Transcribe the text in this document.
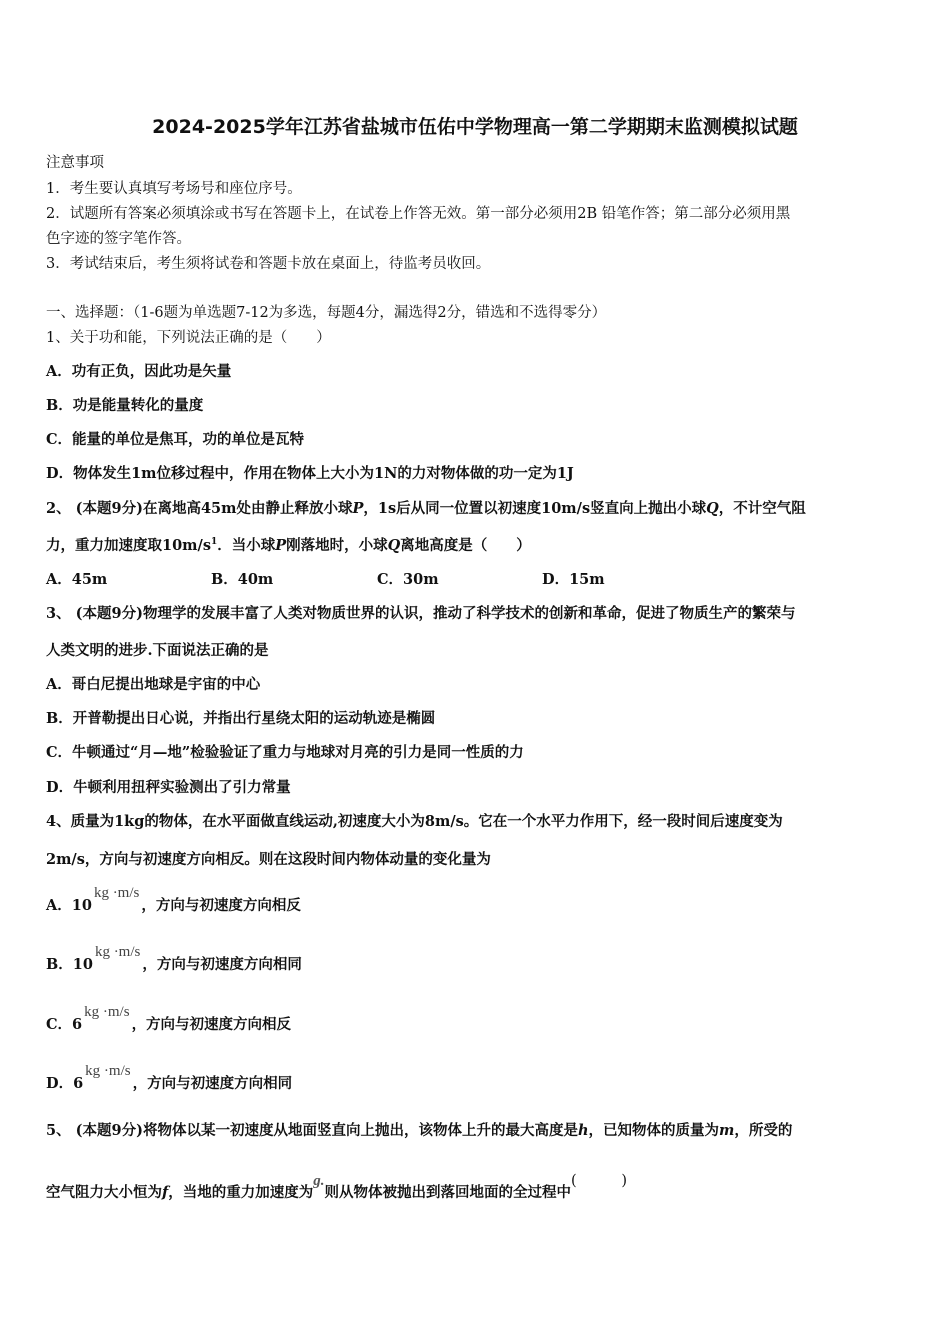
2024-2025学年江苏省盐城市伍佑中学物理高一第二学期期末监测模拟试题
注意事项
1．考生要认真填写考场号和座位序号。
2．试题所有答案必须填涂或书写在答题卡上，在试卷上作答无效。第一部分必须用2B 铅笔作答；第二部分必须用黑
色字迹的签字笔作答。
3．考试结束后，考生须将试卷和答题卡放在桌面上，待监考员收回。
一、选择题：（1-6题为单选题7-12为多选，每题4分，漏选得2分，错选和不选得零分）
1、关于功和能，下列说法正确的是（　　）
A．功有正负，因此功是矢量
B．功是能量转化的量度
C．能量的单位是焦耳，功的单位是瓦特
D．物体发生1m位移过程中，作用在物体上大小为1N的力对物体做的功一定为1J
2、 (本题9分)在离地高45m处由静止释放小球P，1s后从同一位置以初速度10m/s竖直向上抛出小球Q，不计空气阻
力，重力加速度取$10m/s^1$．当小球P刚落地时，小球Q离地高度是（　　）
A．45m	B．40m	C．30m	D．15m
3、 (本题9分)物理学的发展丰富了人类对物质世界的认识，推动了科学技术的创新和革命，促进了物质生产的繁荣与
人类文明的进步.下面说法正确的是
A．哥白尼提出地球是宇宙的中心
B．开普勒提出日心说，并指出行星绕太阳的运动轨迹是椭圆
C．牛顿通过“月—地”检验验证了重力与地球对月亮的引力是同一性质的力
D．牛顿利用扭秤实验测出了引力常量
4、质量为1kg的物体，在水平面做直线运动,初速度大小为8m/s。它在一个水平力作用下，经一段时间后速度变为
2m/s，方向与初速度方向相反。则在这段时间内物体动量的变化量为
A．10kg ·m/s，方向与初速度方向相反
B．10kg ·m/s，方向与初速度方向相同
C．6kg ·m/s，方向与初速度方向相反
D．6kg ·m/s，方向与初速度方向相同
5、 (本题9分)将物体以某一初速度从地面竖直向上抛出，该物体上升的最大高度是h，已知物体的质量为m，所受的
空气阻力大小恒为f，当地的重力加速度为g.则从物体被抛出到落回地面的全过程中(	)
